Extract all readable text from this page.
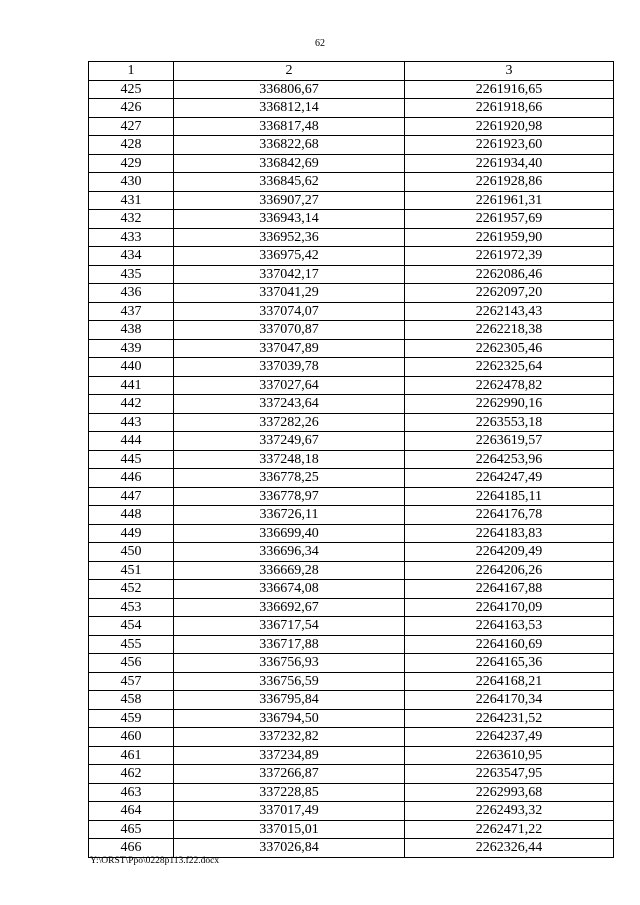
62
1	2	3
425	336806,67	2261916,65
426	336812,14	2261918,66
427	336817,48	2261920,98
428	336822,68	2261923,60
429	336842,69	2261934,40
430	336845,62	2261928,86
431	336907,27	2261961,31
432	336943,14	2261957,69
433	336952,36	2261959,90
434	336975,42	2261972,39
435	337042,17	2262086,46
436	337041,29	2262097,20
437	337074,07	2262143,43
438	337070,87	2262218,38
439	337047,89	2262305,46
440	337039,78	2262325,64
441	337027,64	2262478,82
442	337243,64	2262990,16
443	337282,26	2263553,18
444	337249,67	2263619,57
445	337248,18	2264253,96
446	336778,25	2264247,49
447	336778,97	2264185,11
448	336726,11	2264176,78
449	336699,40	2264183,83
450	336696,34	2264209,49
451	336669,28	2264206,26
452	336674,08	2264167,88
453	336692,67	2264170,09
454	336717,54	2264163,53
455	336717,88	2264160,69
456	336756,93	2264165,36
457	336756,59	2264168,21
458	336795,84	2264170,34
459	336794,50	2264231,52
460	337232,82	2264237,49
461	337234,89	2263610,95
462	337266,87	2263547,95
463	337228,85	2262993,68
464	337017,49	2262493,32
465	337015,01	2262471,22
466	337026,84	2262326,44
Y:\ORST\Ppo\0228p113.f22.docx
